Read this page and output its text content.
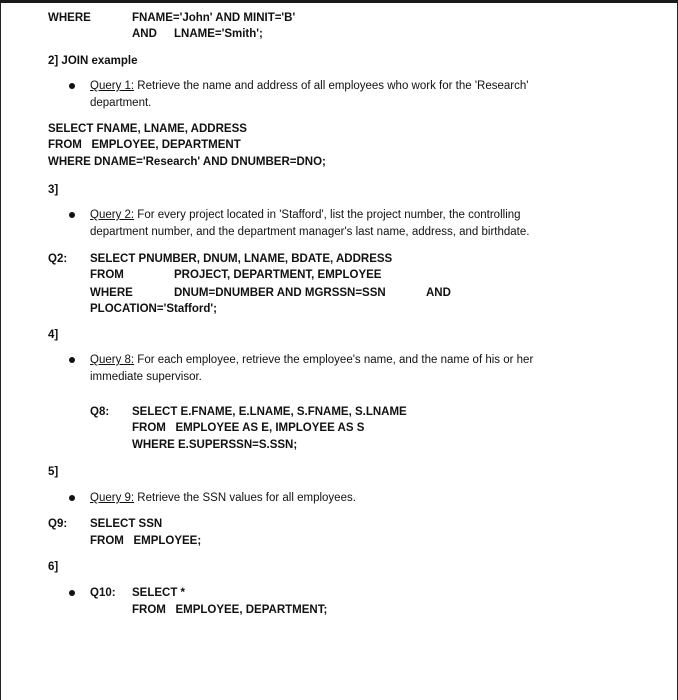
WHERE	FNAME='John' AND MINIT='B'
AND LNAME='Smith';
2] JOIN example
Query 1: Retrieve the name and address of all employees who work for the 'Research'
department.
SELECT FNAME, LNAME, ADDRESS
FROM   EMPLOYEE, DEPARTMENT
WHERE DNAME='Research' AND DNUMBER=DNO;
3]
Query 2: For every project located in 'Stafford', list the project number, the controlling
department number, and the department manager's last name, address, and birthdate.
Q2: SELECT PNUMBER, DNUM, LNAME, BDATE, ADDRESS
FROM	PROJECT, DEPARTMENT, EMPLOYEE
WHERE	DNUM=DNUMBER AND MGRSSN=SSN	AND
PLOCATION='Stafford';
4]
Query 8: For each employee, retrieve the employee's name, and the name of his or her
immediate supervisor.
Q8: SELECT E.FNAME, E.LNAME, S.FNAME, S.LNAME
FROM   EMPLOYEE AS E, IMPLOYEE AS S
WHERE E.SUPERSSN=S.SSN;
5]
Query 9: Retrieve the SSN values for all employees.
Q9: SELECT SSN
FROM   EMPLOYEE;
6]
Q10: SELECT *
FROM   EMPLOYEE, DEPARTMENT;
